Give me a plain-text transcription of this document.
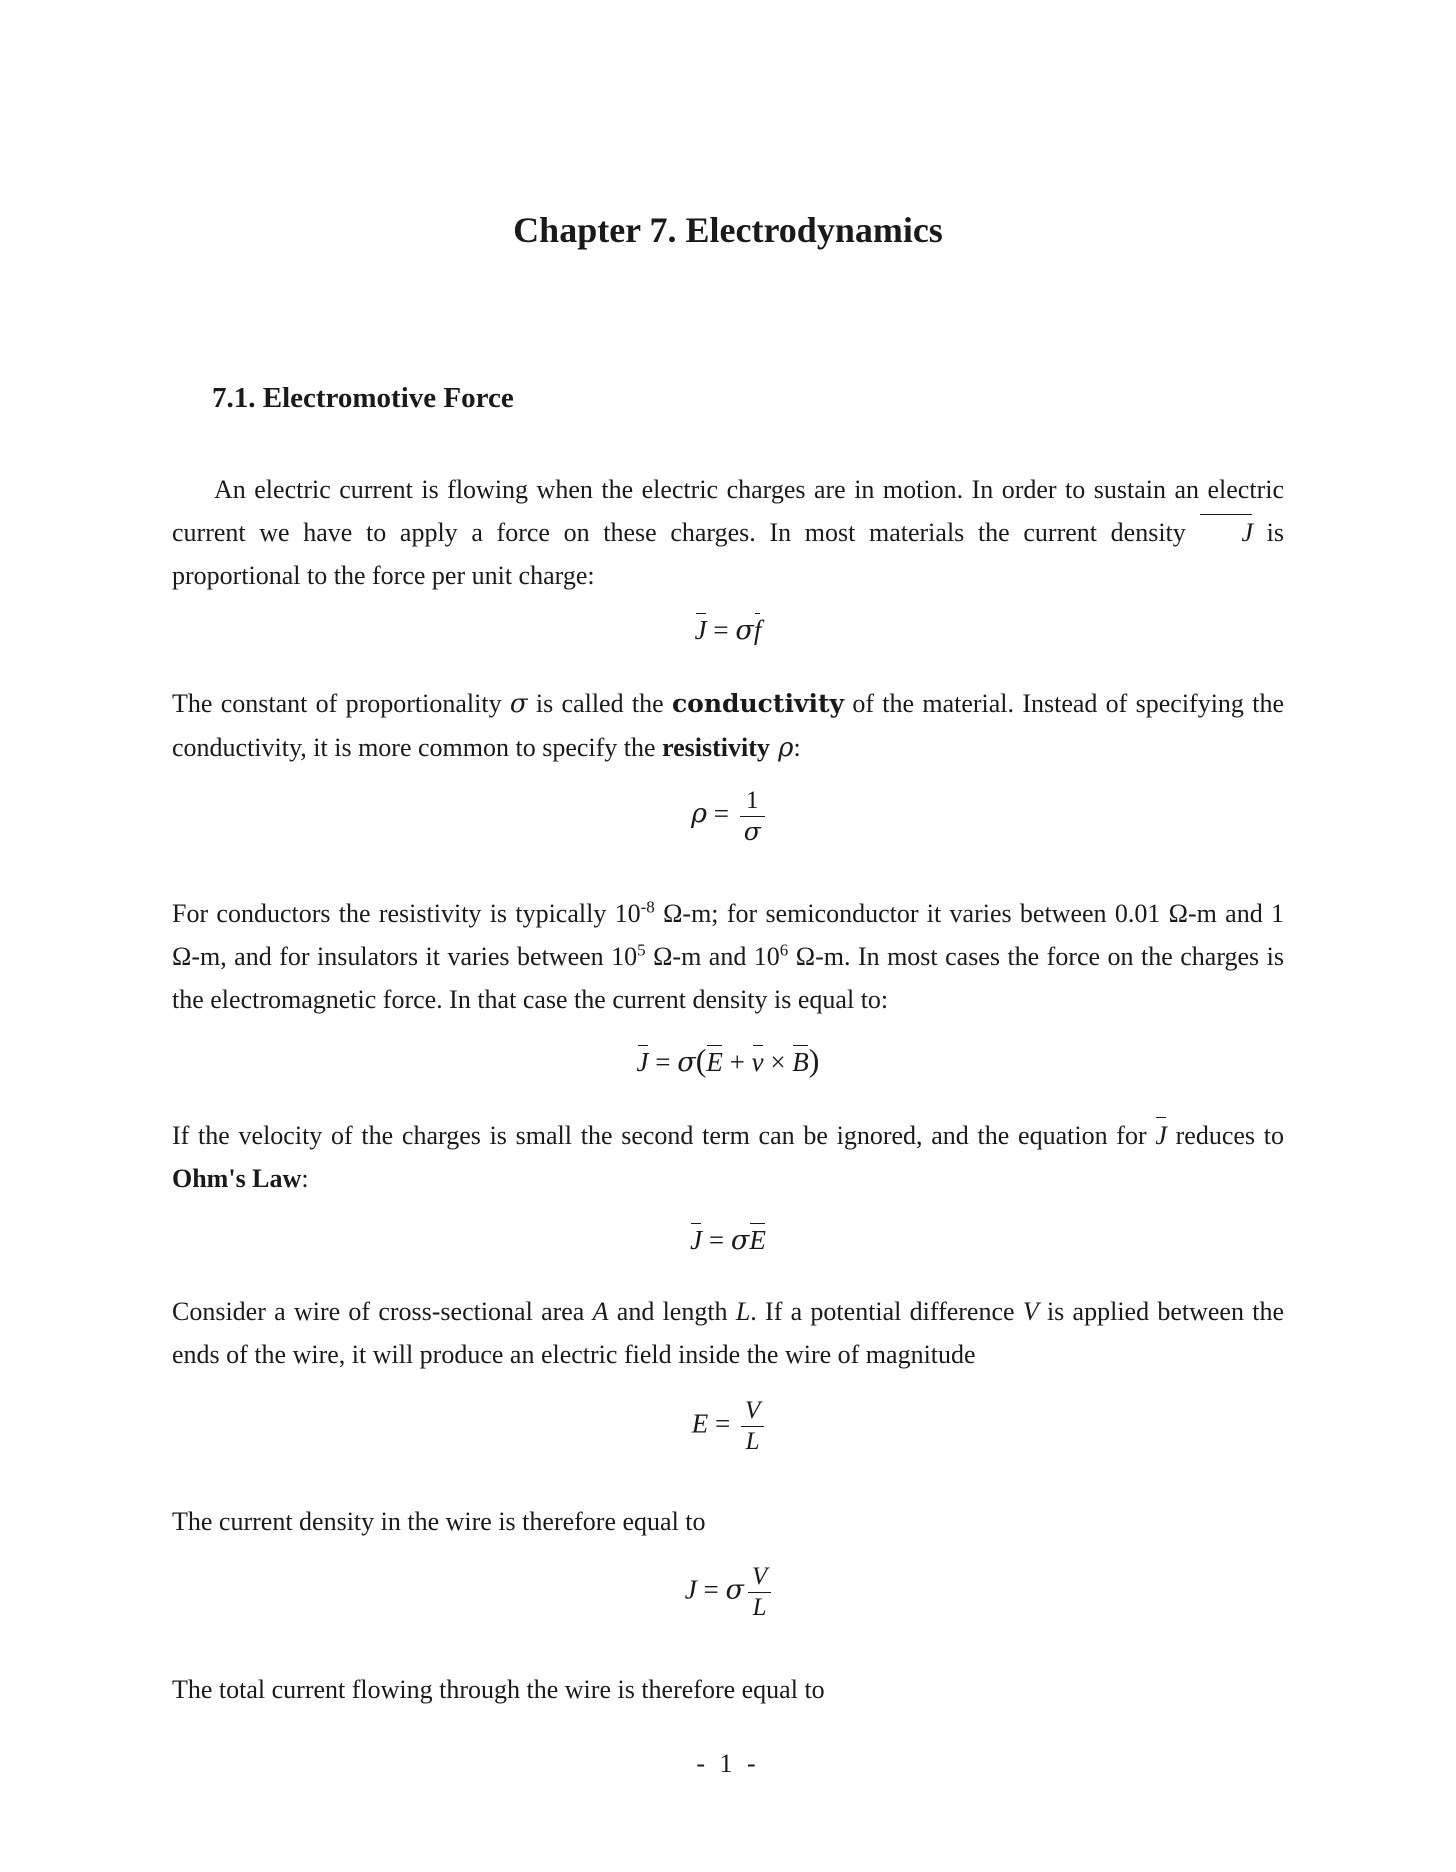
Chapter 7. Electrodynamics
7.1. Electromotive Force
An electric current is flowing when the electric charges are in motion. In order to sustain an electric current we have to apply a force on these charges. In most materials the current density J is proportional to the force per unit charge:
J = σf
The constant of proportionality σ is called the conductivity of the material. Instead of specifying the conductivity, it is more common to specify the resistivity ρ:
$\rho = \frac{1}{\sigma}$
For conductors the resistivity is typically $10^{-8}$ Ω-m; for semiconductor it varies between 0.01 Ω-m and 1 Ω-m, and for insulators it varies between $10^5$ Ω-m and $10^6$ Ω-m. In most cases the force on the charges is the electromagnetic force. In that case the current density is equal to:
J = σ(E + v × B)
If the velocity of the charges is small the second term can be ignored, and the equation for J reduces to Ohm's Law:
J = σE
Consider a wire of cross-sectional area A and length L. If a potential difference V is applied between the ends of the wire, it will produce an electric field inside the wire of magnitude
$E = \frac{V}{L}$
The current density in the wire is therefore equal to
J = σ $\frac{V}{L}$
The total current flowing through the wire is therefore equal to
- 1 -
